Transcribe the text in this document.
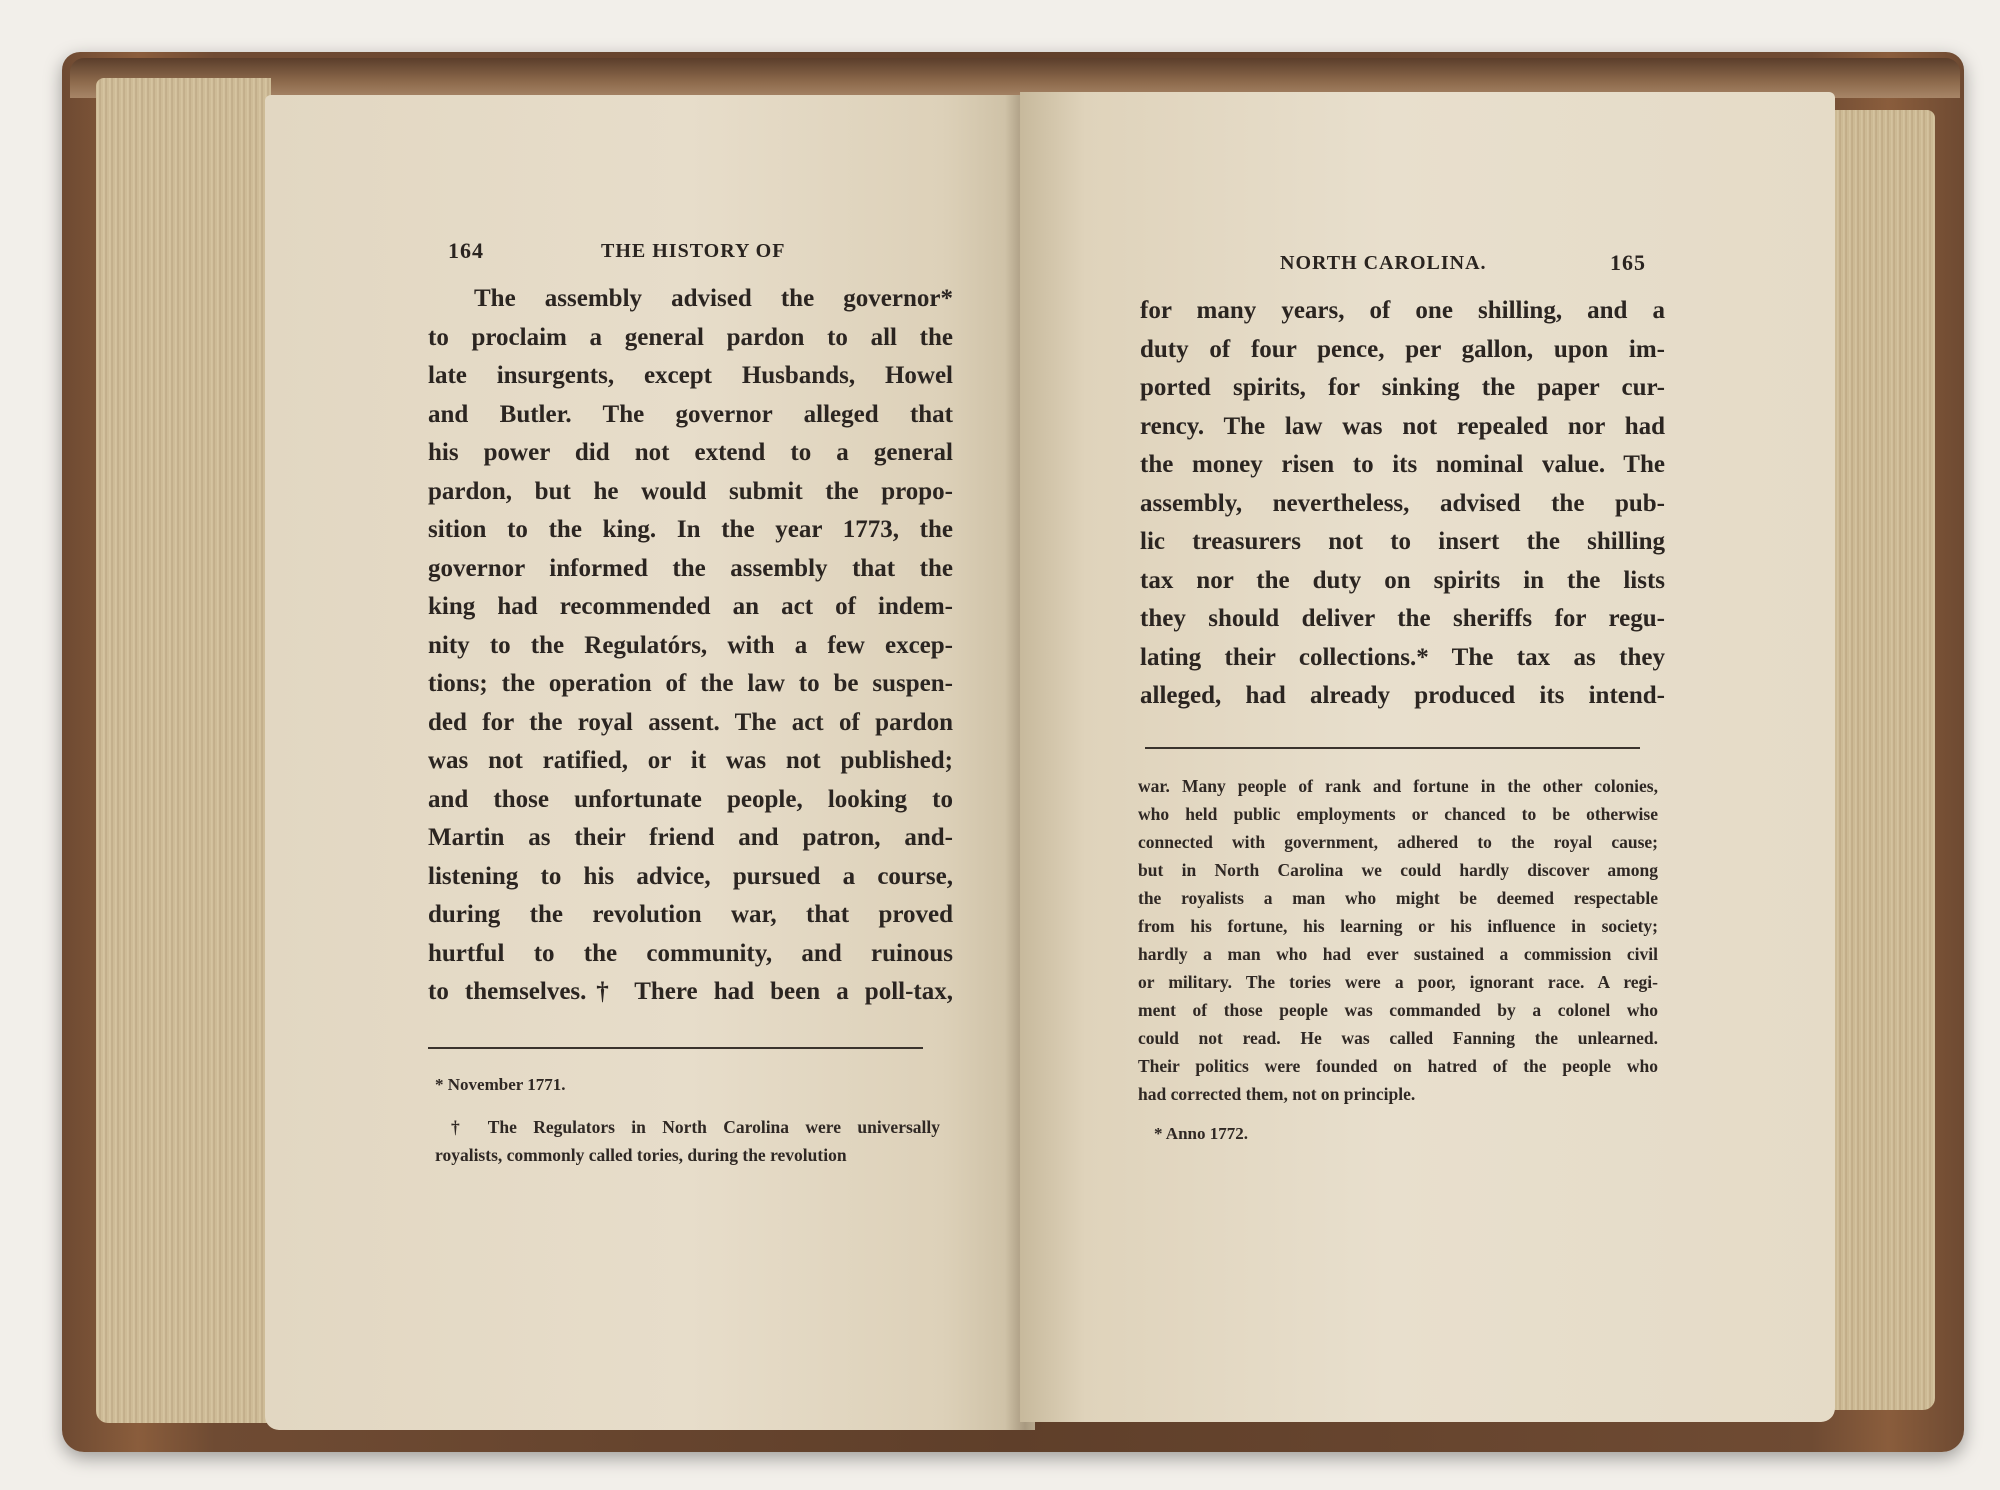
164	THE HISTORY OF
The assembly advised the governor*
to proclaim a general pardon to all the
late insurgents, except Husbands, Howel
and Butler. The governor alleged that
his power did not extend to a general
pardon, but he would submit the propo-
sition to the king. In the year 1773, the
governor informed the assembly that the
king had recommended an act of indem-
nity to the Regulatórs, with a few excep-
tions; the operation of the law to be suspen-
ded for the royal assent. The act of pardon
was not ratified, or it was not published;
and those unfortunate people, looking to
Martin as their friend and patron, and-
listening to his advice, pursued a course,
during the revolution war, that proved
hurtful to the community, and ruinous
to themselves.† There had been a poll-tax,
* November 1771.
† The Regulators in North Carolina were universally
royalists, commonly called tories, during the revolution
NORTH CAROLINA.	165
for many years, of one shilling, and a
duty of four pence, per gallon, upon im-
ported spirits, for sinking the paper cur-
rency. The law was not repealed nor had
the money risen to its nominal value. The
assembly, nevertheless, advised the pub-
lic treasurers not to insert the shilling
tax nor the duty on spirits in the lists
they should deliver the sheriffs for regu-
lating their collections.* The tax as they
alleged, had already produced its intend-
war. Many people of rank and fortune in the other colonies,
who held public employments or chanced to be otherwise
connected with government, adhered to the royal cause;
but in North Carolina we could hardly discover among
the royalists a man who might be deemed respectable
from his fortune, his learning or his influence in society;
hardly a man who had ever sustained a commission civil
or military. The tories were a poor, ignorant race. A regi-
ment of those people was commanded by a colonel who
could not read. He was called Fanning the unlearned.
Their politics were founded on hatred of the people who
had corrected them, not on principle.
* Anno 1772.
